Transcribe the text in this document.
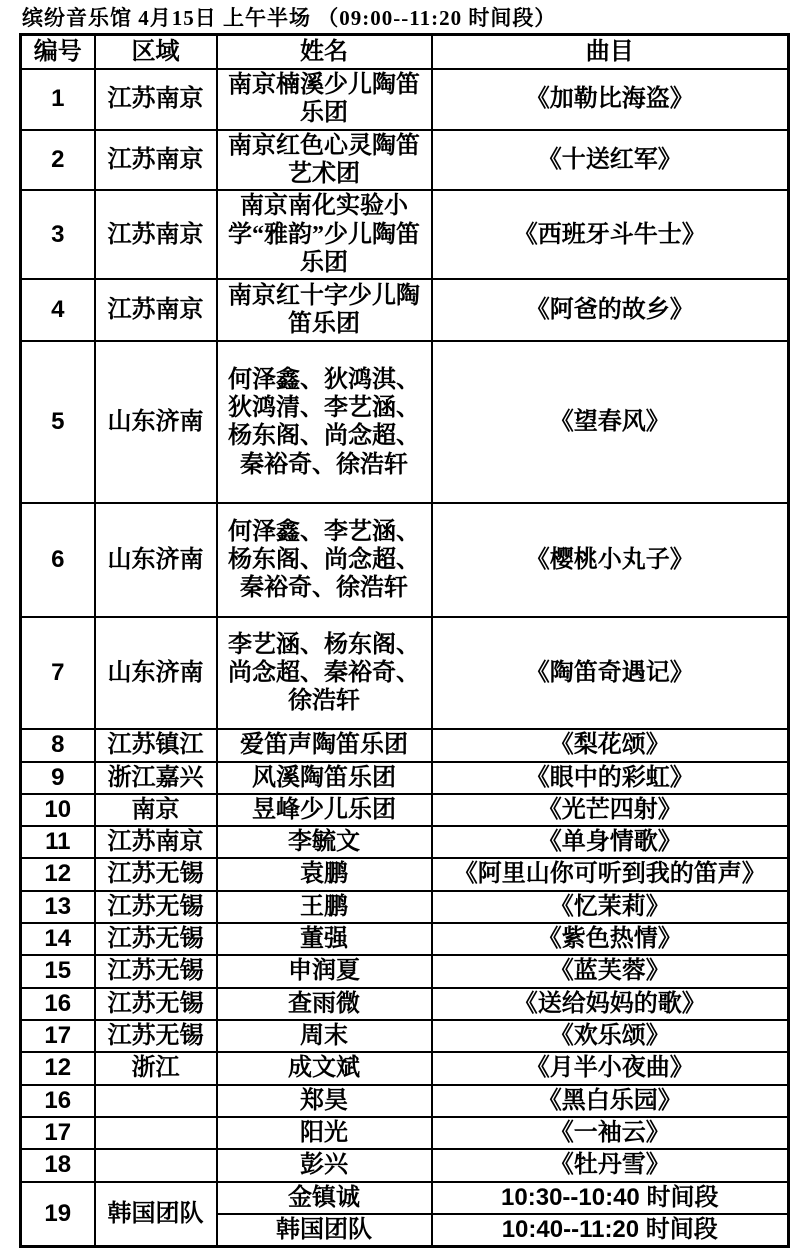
缤纷音乐馆 4月15日 上午半场 （09:00--11:20 时间段）
编号	区域	姓名	曲目
1	江苏南京	南京楠溪少儿陶笛乐团	《加勒比海盗》
2	江苏南京	南京红色心灵陶笛艺术团	《十送红军》
3	江苏南京	南京南化实验小学“雅韵”少儿陶笛乐团	《西班牙斗牛士》
4	江苏南京	南京红十字少儿陶笛乐团	《阿爸的故乡》
5	山东济南	何泽鑫、狄鸿淇、狄鸿清、李艺涵、杨东阁、尚念超、秦裕奇、徐浩轩	《望春风》
6	山东济南	何泽鑫、李艺涵、杨东阁、尚念超、秦裕奇、徐浩轩	《樱桃小丸子》
7	山东济南	李艺涵、杨东阁、尚念超、秦裕奇、徐浩轩	《陶笛奇遇记》
8	江苏镇江	爱笛声陶笛乐团	《梨花颂》
9	浙江嘉兴	风溪陶笛乐团	《眼中的彩虹》
10	南京	昱峰少儿乐团	《光芒四射》
11	江苏南京	李毓文	《单身情歌》
12	江苏无锡	袁鹏	《阿里山你可听到我的笛声》
13	江苏无锡	王鹏	《忆茉莉》
14	江苏无锡	董强	《紫色热情》
15	江苏无锡	申润夏	《蓝芙蓉》
16	江苏无锡	查雨微	《送给妈妈的歌》
17	江苏无锡	周末	《欢乐颂》
12	浙江	成文斌	《月半小夜曲》
16		郑昊	《黑白乐园》
17		阳光	《一袖云》
18		彭兴	《牡丹雪》
19	韩国团队	金镇诚	10:30--10:40 时间段
		韩国团队	10:40--11:20 时间段
